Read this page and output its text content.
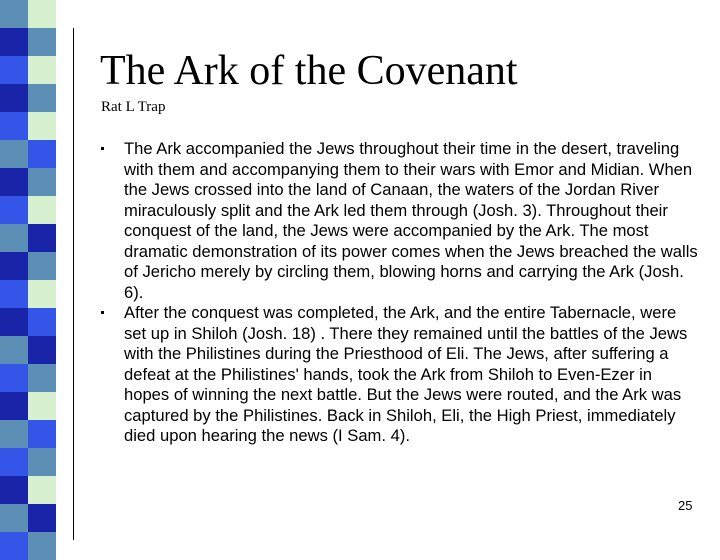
The Ark of the Covenant
Rat L Trap
The Ark accompanied the Jews throughout their time in the desert, traveling with them and accompanying them to their wars with Emor and Midian. When the Jews crossed into the land of Canaan, the waters of the Jordan River miraculously split and the Ark led them through (Josh. 3). Throughout their conquest of the land, the Jews were accompanied by the Ark. The most dramatic demonstration of its power comes when the Jews breached the walls of Jericho merely by circling them, blowing horns and carrying the Ark (Josh. 6).
After the conquest was completed, the Ark, and the entire Tabernacle, were set up in Shiloh (Josh. 18) . There they remained until the battles of the Jews with the Philistines during the Priesthood of Eli. The Jews, after suffering a defeat at the Philistines' hands, took the Ark from Shiloh to Even-Ezer in hopes of winning the next battle. But the Jews were routed, and the Ark was captured by the Philistines. Back in Shiloh, Eli, the High Priest, immediately died upon hearing the news (I Sam. 4).
25
